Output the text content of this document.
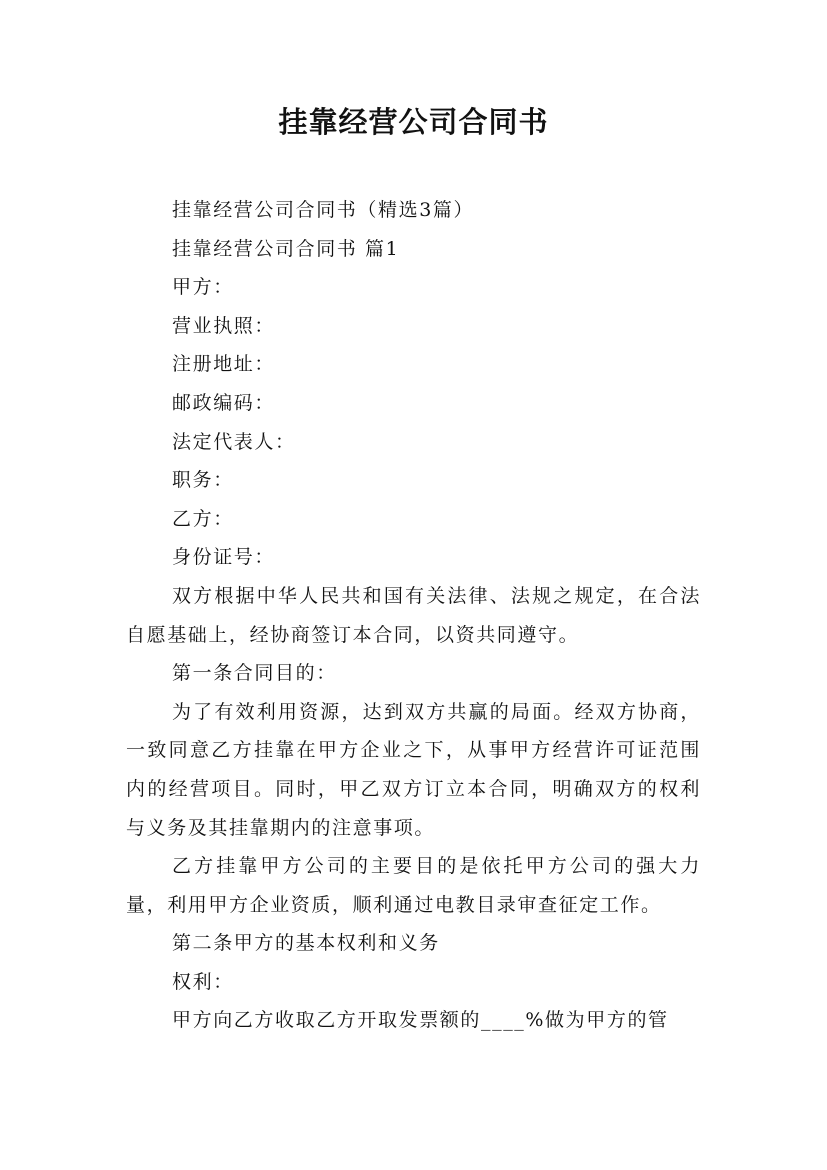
挂靠经营公司合同书
挂靠经营公司合同书（精选3篇）
挂靠经营公司合同书 篇1
甲方：
营业执照：
注册地址：
邮政编码：
法定代表人：
职务：
乙方：
身份证号：
双方根据中华人民共和国有关法律、法规之规定，在合法自愿基础上，经协商签订本合同，以资共同遵守。
第一条合同目的：
为了有效利用资源，达到双方共赢的局面。经双方协商，一致同意乙方挂靠在甲方企业之下，从事甲方经营许可证范围内的经营项目。同时，甲乙双方订立本合同，明确双方的权利与义务及其挂靠期内的注意事项。
乙方挂靠甲方公司的主要目的是依托甲方公司的强大力量，利用甲方企业资质，顺利通过电教目录审查征定工作。
第二条甲方的基本权利和义务
权利：
甲方向乙方收取乙方开取发票额的____%做为甲方的管
